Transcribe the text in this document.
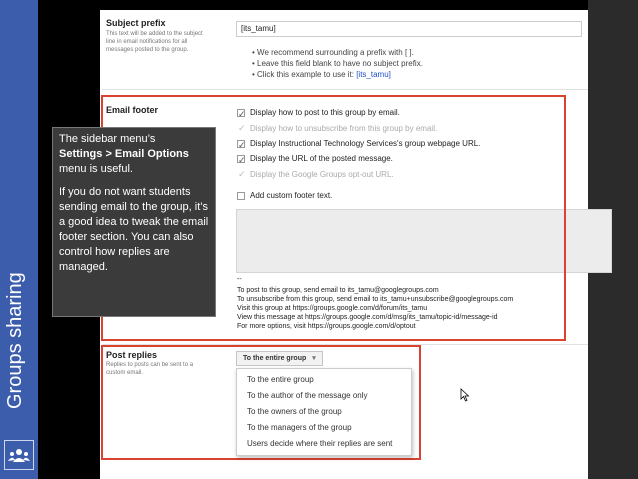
Groups sharing
Subject prefix
This text will be added to the subject line in email notifications for all messages posted to the group.
[its_tamu]
• We recommend surrounding a prefix with [ ].
• Leave this field blank to have no subject prefix.
• Click this example to use it: [its_tamu]
Email footer	✓ Display how to post to this group by email.
✓ Display how to unsubscribe from this group by email.
✓ Display Instructional Technology Services's group webpage URL.
✓ Display the URL of the posted message.
✓ Display the Google Groups opt-out URL.
Add custom footer text.
--
To post to this group, send email to its_tamu@googlegroups.com
To unsubscribe from this group, send email to its_tamu+unsubscribe@googlegroups.com
Visit this group at https://groups.google.com/d/forum/its_tamu
View this message at https://groups.google.com/d/msg/its_tamu/topic-id/message-id
For more options, visit https://groups.google.com/d/optout
Post replies
Replies to posts can be sent to a custom email.
To the entire group ▾
To the entire group
To the author of the message only
To the owners of the group
To the managers of the group
Users decide where their replies are sent

The sidebar menu’s
Settings > Email Options
menu is useful.

If you do not want students sending email to the group, it’s a good idea to tweak the email footer section. You can also control how replies are managed.
